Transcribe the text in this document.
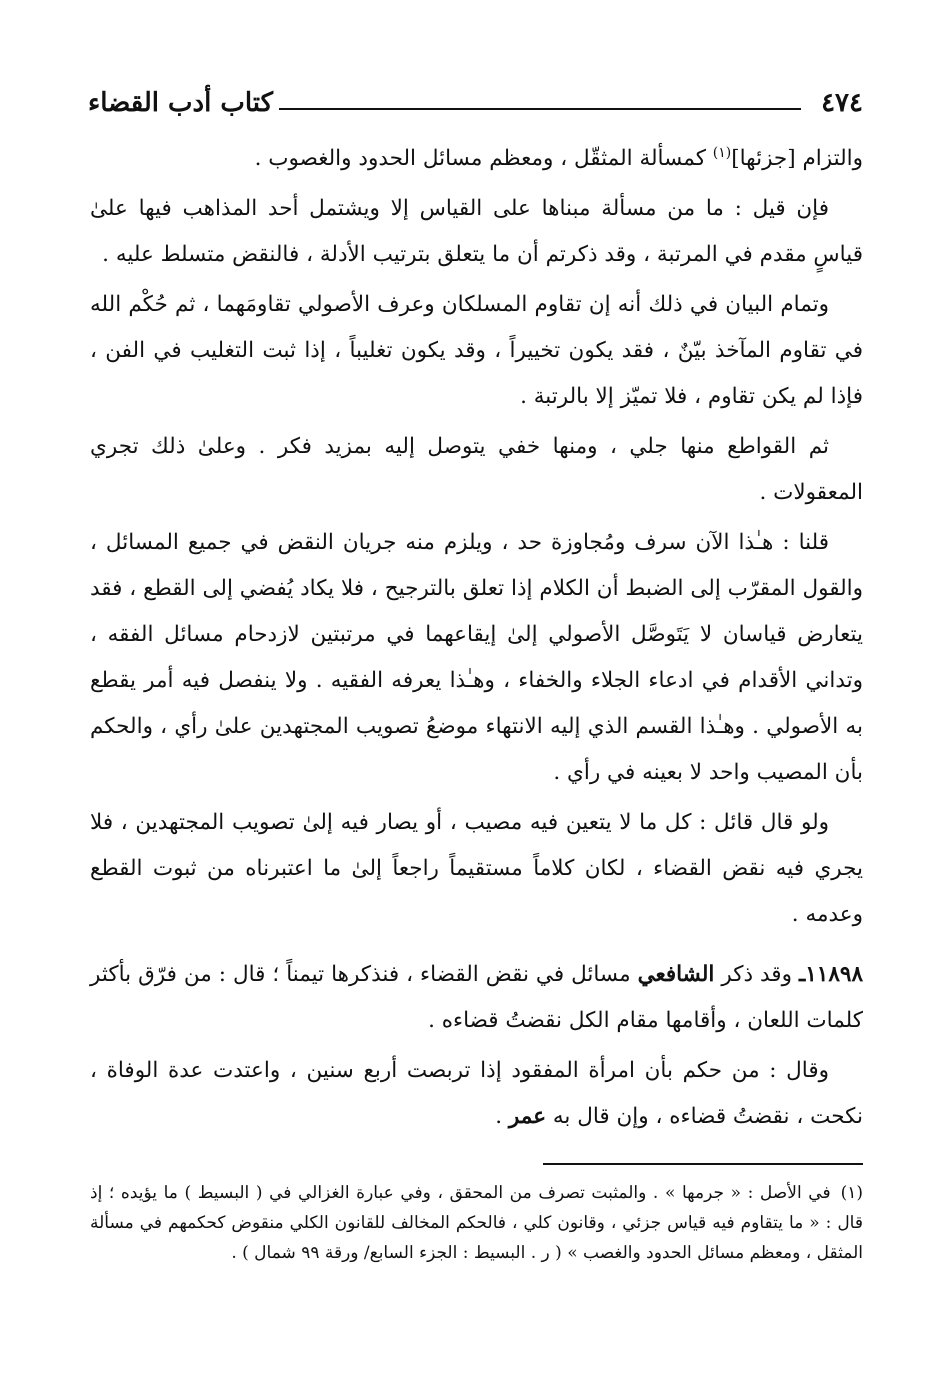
٤٧٤
كتاب أدب القضاء

والتزام [جزئها]$^{(١)}$ كمسألة المثقّل ، ومعظم مسائل الحدود والغصوب .

فإن قيل : ما من مسألة مبناها على القياس إلا ويشتمل أحد المذاهب فيها علىٰ قياسٍ مقدم في المرتبة ، وقد ذكرتم أن ما يتعلق بترتيب الأدلة ، فالنقض متسلط عليه .

وتمام البيان في ذلك أنه إن تقاوم المسلكان وعرف الأصولي تقاومَهما ، ثم حُكْم الله في تقاوم المآخذ بيّنٌ ، فقد يكون تخييراً ، وقد يكون تغليباً ، إذا ثبت التغليب في الفن ، فإذا لم يكن تقاوم ، فلا تميّز إلا بالرتبة .

ثم القواطع منها جلي ، ومنها خفي يتوصل إليه بمزيد فكر . وعلىٰ ذلك تجري المعقولات .

قلنا : هـٰذا الآن سرف ومُجاوزة حد ، ويلزم منه جريان النقض في جميع المسائل ، والقول المقرّب إلى الضبط أن الكلام إذا تعلق بالترجيح ، فلا يكاد يُفضي إلى القطع ، فقد يتعارض قياسان لا يَتَوصَّل الأصولي إلىٰ إيقاعهما في مرتبتين لازدحام مسائل الفقه ، وتداني الأقدام في ادعاء الجلاء والخفاء ، وهـٰذا يعرفه الفقيه . ولا ينفصل فيه أمر يقطع به الأصولي . وهـٰذا القسم الذي إليه الانتهاء موضعُ تصويب المجتهدين علىٰ رأي ، والحكم بأن المصيب واحد لا بعينه في رأي .

ولو قال قائل : كل ما لا يتعين فيه مصيب ، أو يصار فيه إلىٰ تصويب المجتهدين ، فلا يجري فيه نقض القضاء ، لكان كلاماً مستقيماً راجعاً إلىٰ ما اعتبرناه من ثبوت القطع وعدمه .

١١٨٩٨ـ وقد ذكر الشافعي مسائل في نقض القضاء ، فنذكرها تيمناً ؛ قال : من فرّق بأكثر كلمات اللعان ، وأقامها مقام الكل نقضتُ قضاءه .

وقال : من حكم بأن امرأة المفقود إذا تربصت أربع سنين ، واعتدت عدة الوفاة ، نكحت ، نقضتُ قضاءه ، وإن قال به عمر .

(١)في الأصل : « جرمها » . والمثبت تصرف من المحقق ، وفي عبارة الغزالي في ( البسيط ) ما يؤيده ؛ إذ قال : « ما يتقاوم فيه قياس جزئي ، وقانون كلي ، فالحكم المخالف للقانون الكلي منقوض كحكمهم في مسألة المثقل ، ومعظم مسائل الحدود والغصب » ( ر . البسيط : الجزء السابع/ ورقة ٩٩ شمال ) .
